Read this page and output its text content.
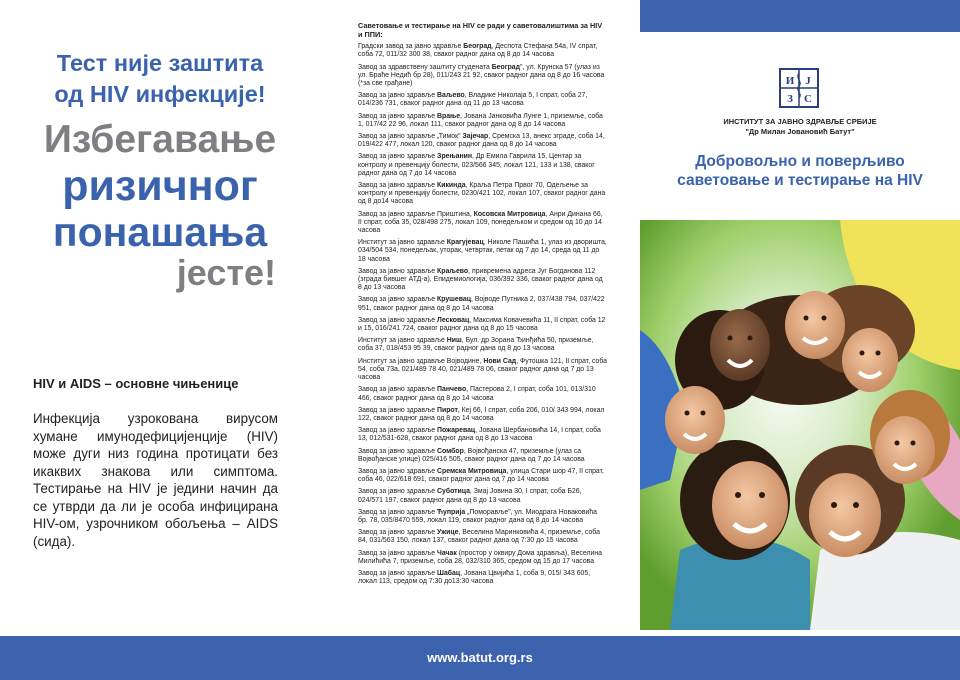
Тест није заштита
од HIV инфекције!
Избегавање
ризичног
понашања
јесте!
HIV и AIDS – основне чињенице
Инфекција узрокована вирусом хумане имунодефицијенције (HIV) може дуги низ година протицати без икаквих знакова или симптома. Тестирање на HIV је једини начин да се утврди да ли је особа инфицирана HIV-ом, узрочником обољења – AIDS (сида).
Саветовање и тестирање на HIV се ради у саветовалиштима за HIV и ППИ:
Градски завод за јавно здравље Београд, Деспота Стефана 54а, IV спрат, соба 72, 011/32 300 38, сваког радног дана од 8 до 14 часова
Завод за здравствену заштиту студената Београд", ул. Крунска 57 (улаз из ул. Браће Недић бр 28), 011/243 21 92, сваког радног дана од 8 до 16 часова (*за све грађане)
Завод за јавно здравље Ваљево, Владике Николаја 5, I спрат, соба 27, 014/236 731, сваког радног дана од 11 до 13 часова
Завод за јавно здравље Врање, Јована Јанковића Лунге 1, приземље, соба 1, 017/42 22 96, локал 111, сваког радног дана од 8 до 14 часова
Завод за јавно здравље „Тимок" Зајечар, Сремска 13, анекс зграде, соба 14, 019/422 477, локал 120, сваког радног дана од 8 до 14 часова
Завод за јавно здравље Зрењанин, Др Емила Гаврила 15, Центар за контролу и превенцију болести, 023/566 345, локал 121, 133 и 138, сваког радног дана од 7 до 14 часова
Завод за јавно здравље Кикинда, Краља Петра Првог 70, Одељење за контролу и превенцију болести, 0230/421 102, локал 107, сваког радног дана од 8 до14 часова
Завод за јавно здравље Приштина, Косовска Митровица, Анри Динана 66, II спрат, соба 35, 028/498 275, локал 109, понедељком и средом од 10 до 14 часова
Институт за јавно здравље Крагујевац, Николе Пашића 1, улаз из дворишта, 034/504 534, понедељак, уторак, четвртак, петак од 7 до 14, среда од 11 до 18 часова
Завод за јавно здравље Краљево, привремена адреса Југ Богданова 112 (зграда бившег АТД-а), Епидемиологија, 036/392 336, сваког радног дана од 8 до 13 часова
Завод за јавно здравље Крушевац, Војводе Путника 2, 037/438 794, 037/422 951, сваког радног дана од 8 до 14 часова
Завод за јавно здравље Лесковац, Максима Ковачевића 11, II спрат, соба 12 и 15, 016/241 724, сваког радног дана од 8 до 15 часова
Институт за јавно здравље Ниш, Бул. др Зорана Ђинђића 50, приземље, соба 37, 018/453 95 39, сваког радног дана од 8 до 13 часова
Институт за јавно здравље Војводине, Нови Сад, Футошка 121, II спрат, соба 54, соба 73а, 021/489 78 40, 021/489 78 06, сваког радног дана од 7 до 13 часова
Завод за јавно здравље Панчево, Пастерова 2, I спрат, соба 101, 013/310 466, сваког радног дана од 8 до 14 часова
Завод за јавно здравље Пирот, Кеј 66, I спрат, соба 206, 010/ 343 994, локал 122, сваког радног дана од 8 до 14 часова
Завод за јавно здравље Пожаревац, Јована Шербановића 14, I спрат, соба 13, 012/531-628, сваког радног дана од 8 до 13 часова
Завод за јавно здравље Сомбор, Војвођанска 47, приземље (улаз са Војвођанске улице) 025/416 505, сваког радног дана од 7 до 14 часова
Завод за јавно здравље Сремска Митровица, улица Стари шор 47, II спрат, соба 46, 022/618 691, сваког радног дана од 7 до 14 часова
Завод за јавно здравље Суботица, Змај Јовина 30, I спрат, соба Б26, 024/571 197, сваког радног дана од 8 до 13 часова
Завод за јавно здравље Ћуприја „Поморавље", ул. Миодрага Новаковића бр. 78, 035/8470 559, локал 119, сваког радног дана од 8 до 14 часова
Завод за јавно здравље Ужице, Веселина Маринковића 4, приземље, соба 84, 031/563 150, локал 137, сваког радног дана од 7:30 до 15 часова
Завод за јавно здравље Чачак (простор у оквиру Дома здравља), Веселина Милићића 7, приземље, соба 28, 032/310 365, средом од 15 до 17 часова
Завод за јавно здравље Шабац, Јована Цвијића 1, соба 9, 015/ 343 605, локал 113, средом од 7:30 до13:30 часова
И Ј
З С
ИНСТИТУТ ЗА ЈАВНО ЗДРАВЉЕ СРБИЈЕ
"Др Милан Јовановић Батут"
Добровољно и поверљиво
саветовање и тестирање на HIV
www.batut.org.rs
